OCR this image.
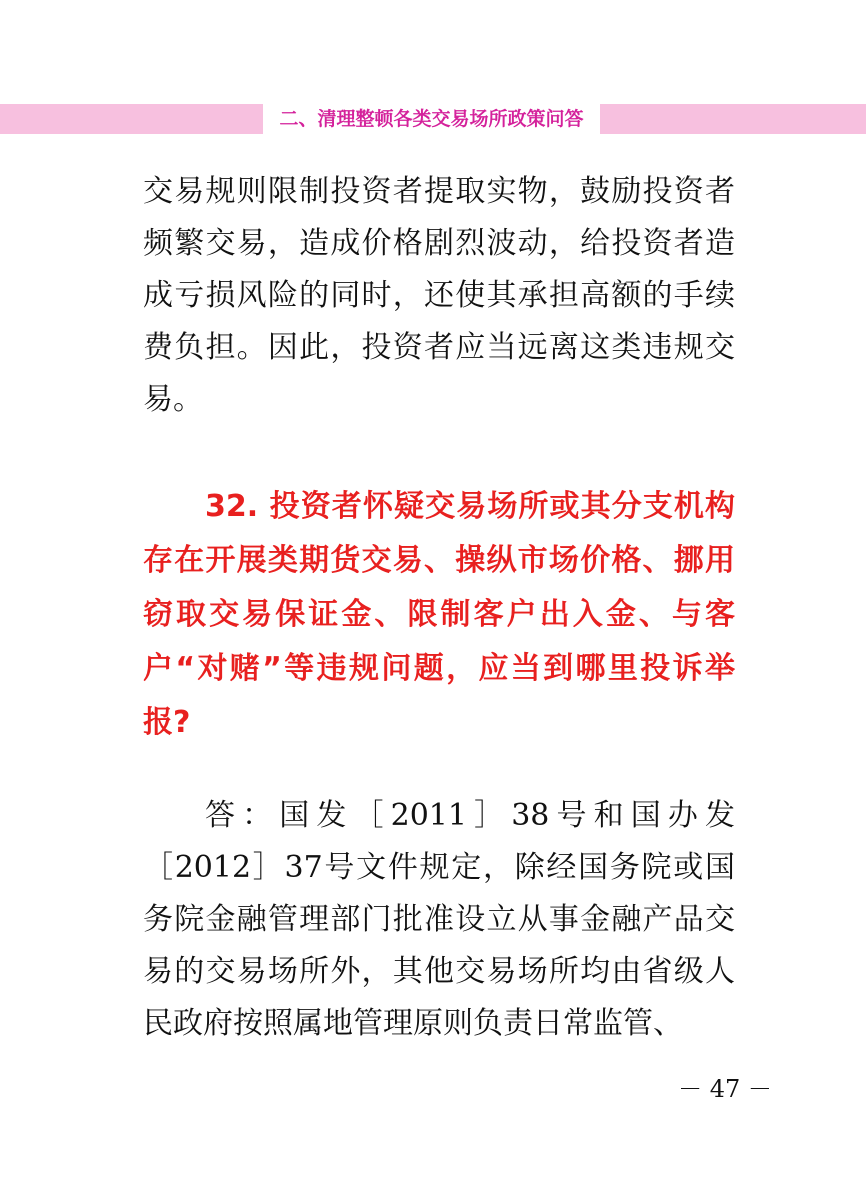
二、清理整顿各类交易场所政策问答

交易规则限制投资者提取实物，鼓励投资者频繁交易，造成价格剧烈波动，给投资者造成亏损风险的同时，还使其承担高额的手续费负担。因此，投资者应当远离这类违规交易。

32. 投资者怀疑交易场所或其分支机构存在开展类期货交易、操纵市场价格、挪用窃取交易保证金、限制客户出入金、与客户“对赌”等违规问题，应当到哪里投诉举报?

答：国发［2011］38号和国办发［2012］37号文件规定，除经国务院或国务院金融管理部门批准设立从事金融产品交易的交易场所外，其他交易场所均由省级人民政府按照属地管理原则负责日常监管、

－ 47 －
